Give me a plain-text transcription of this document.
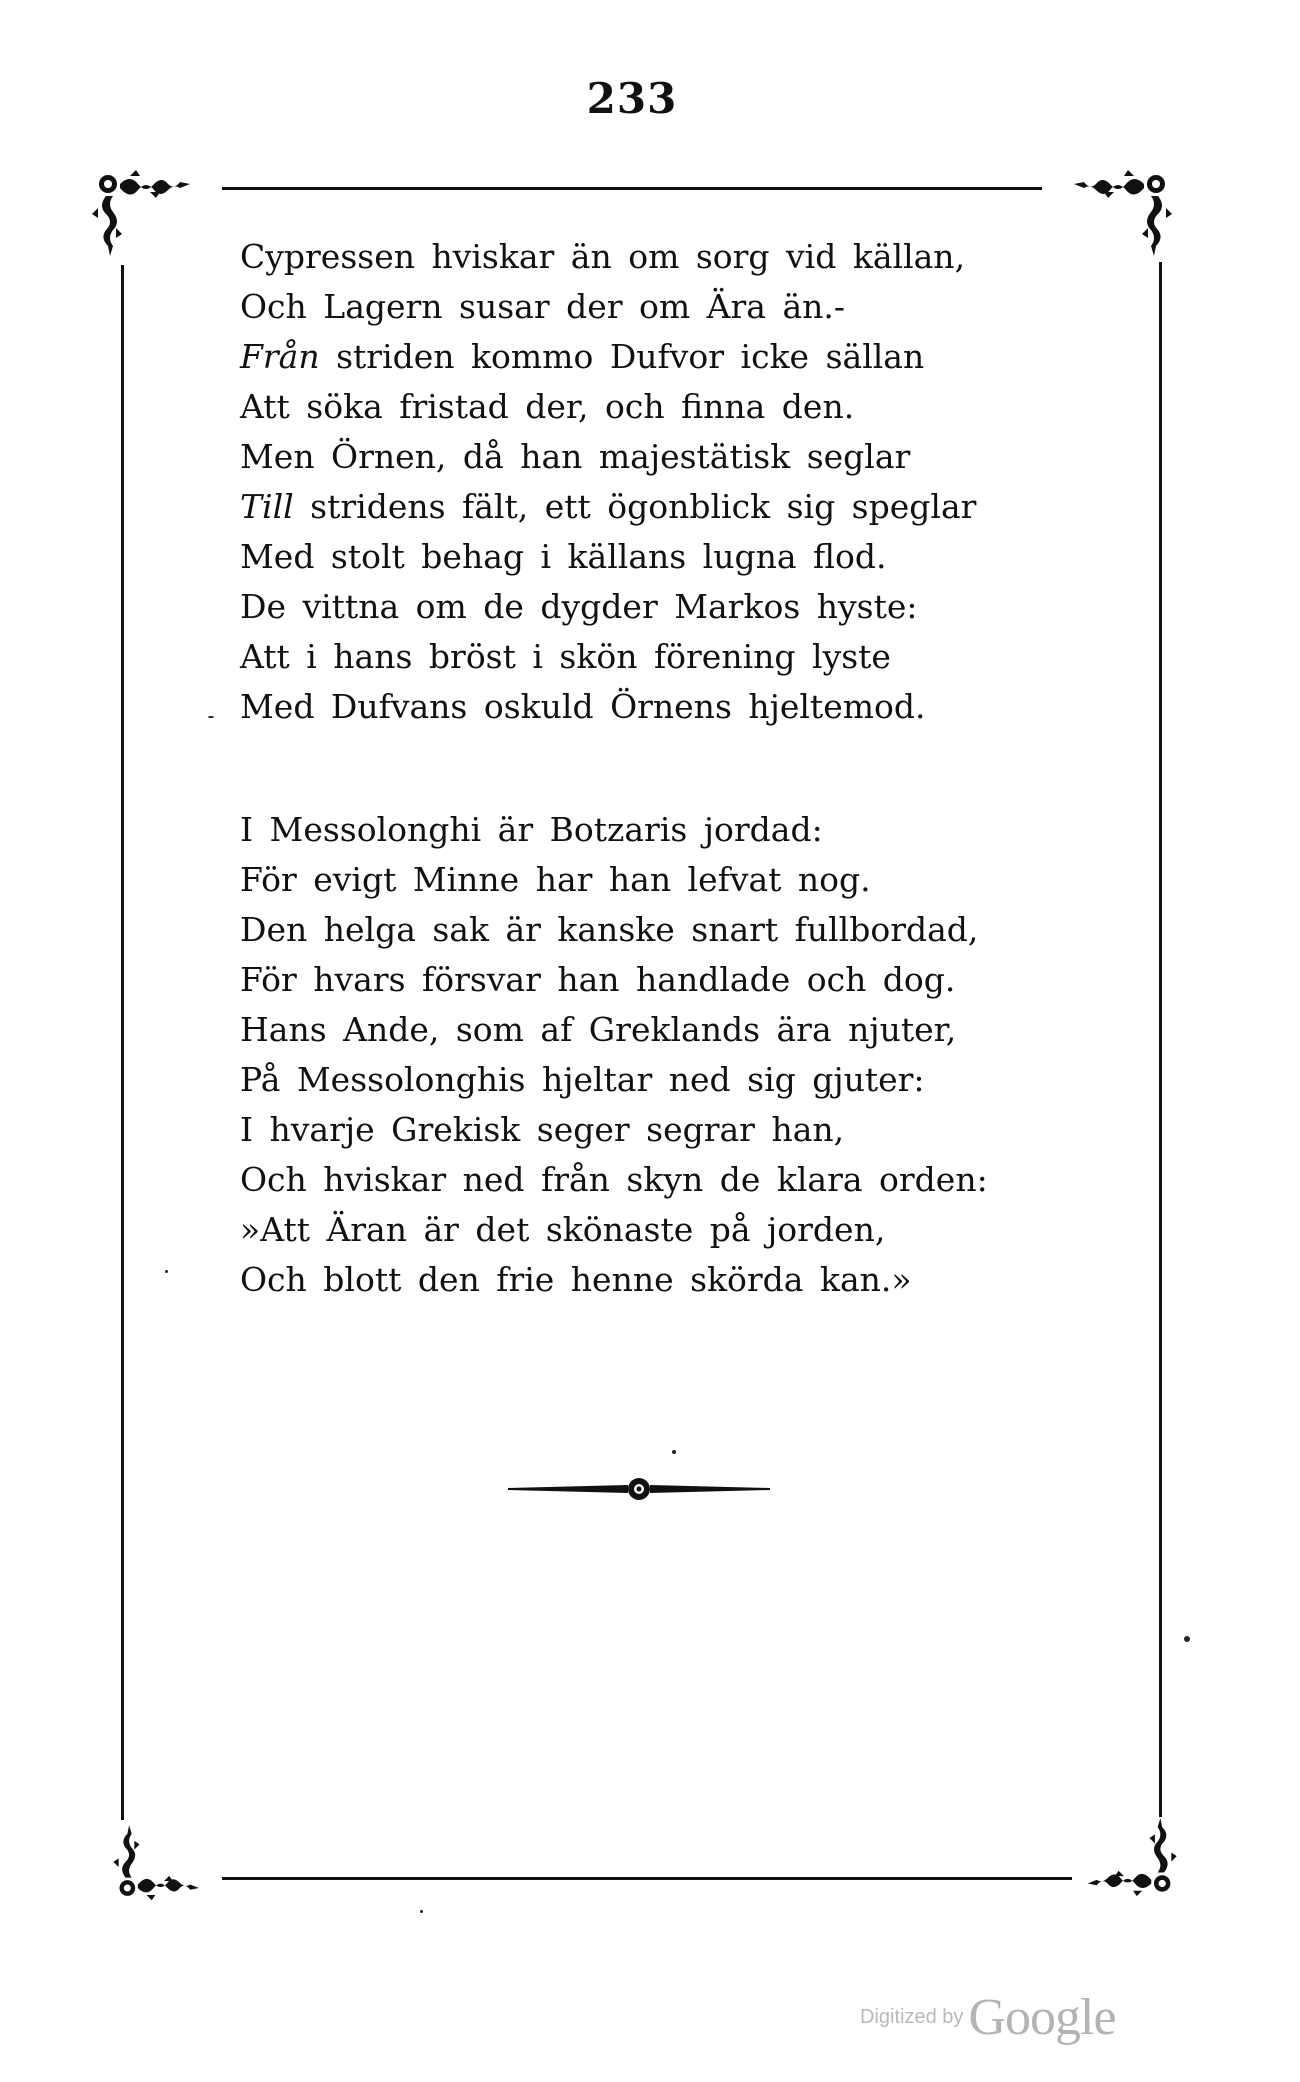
233
Cypressen hviskar än om sorg vid källan,
Och Lagern susar der om Ära än.-
Från striden kommo Dufvor icke sällan
Att söka fristad der, och finna den.
Men Örnen, då han majestätisk seglar
Till stridens fält, ett ögonblick sig speglar
Med stolt behag i källans lugna flod.
De vittna om de dygder Markos hyste:
Att i hans bröst i skön förening lyste
Med Dufvans oskuld Örnens hjeltemod.
I Messolonghi är Botzaris jordad:
För evigt Minne har han lefvat nog.
Den helga sak är kanske snart fullbordad,
För hvars försvar han handlade och dog.
Hans Ande, som af Greklands ära njuter,
På Messolonghis hjeltar ned sig gjuter:
I hvarje Grekisk seger segrar han,
Och hviskar ned från skyn de klara orden:
»Att Äran är det skönaste på jorden,
Och blott den frie henne skörda kan.»
Digitized by Google
